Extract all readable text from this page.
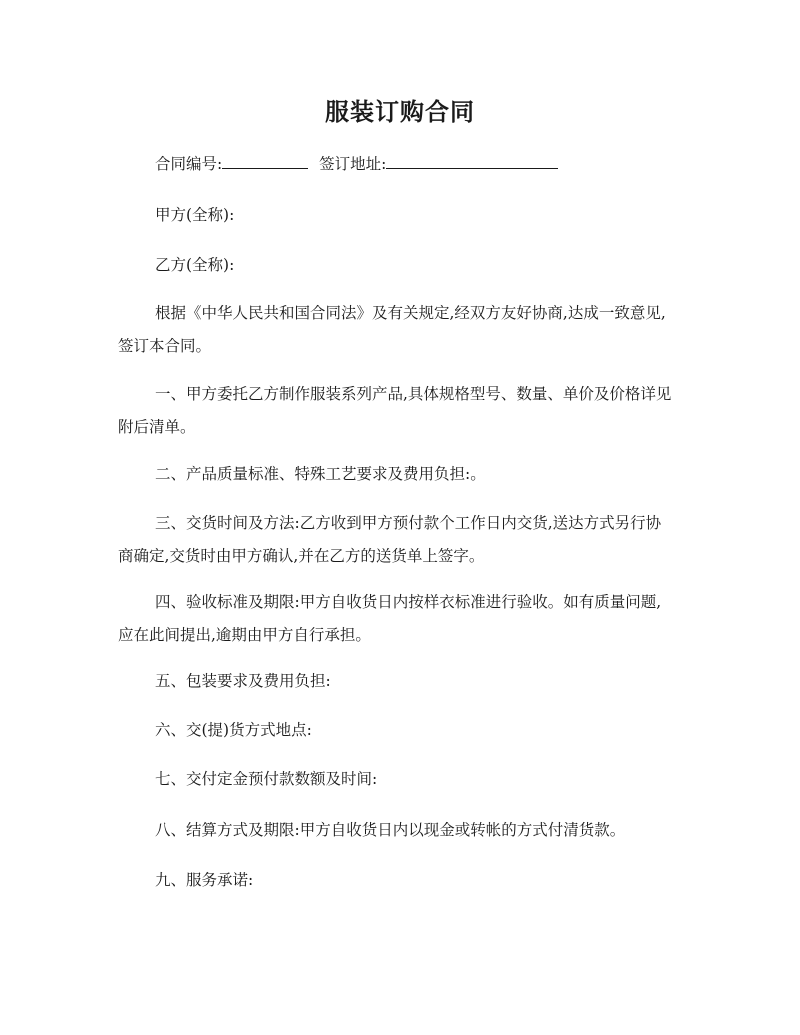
服装订购合同
合同编号:	签订地址:
甲方(全称):
乙方(全称):
根据《中华人民共和国合同法》及有关规定,经双方友好协商,达成一致意见,
签订本合同。
一、甲方委托乙方制作服装系列产品,具体规格型号、数量、单价及价格详见
附后清单。
二、产品质量标准、特殊工艺要求及费用负担:。
三、交货时间及方法:乙方收到甲方预付款个工作日内交货,送达方式另行协
商确定,交货时由甲方确认,并在乙方的送货单上签字。
四、验收标准及期限:甲方自收货日内按样衣标准进行验收。如有质量问题,
应在此间提出,逾期由甲方自行承担。
五、包装要求及费用负担:
六、交(提)货方式地点:
七、交付定金预付款数额及时间:
八、结算方式及期限:甲方自收货日内以现金或转帐的方式付清货款。
九、服务承诺:
